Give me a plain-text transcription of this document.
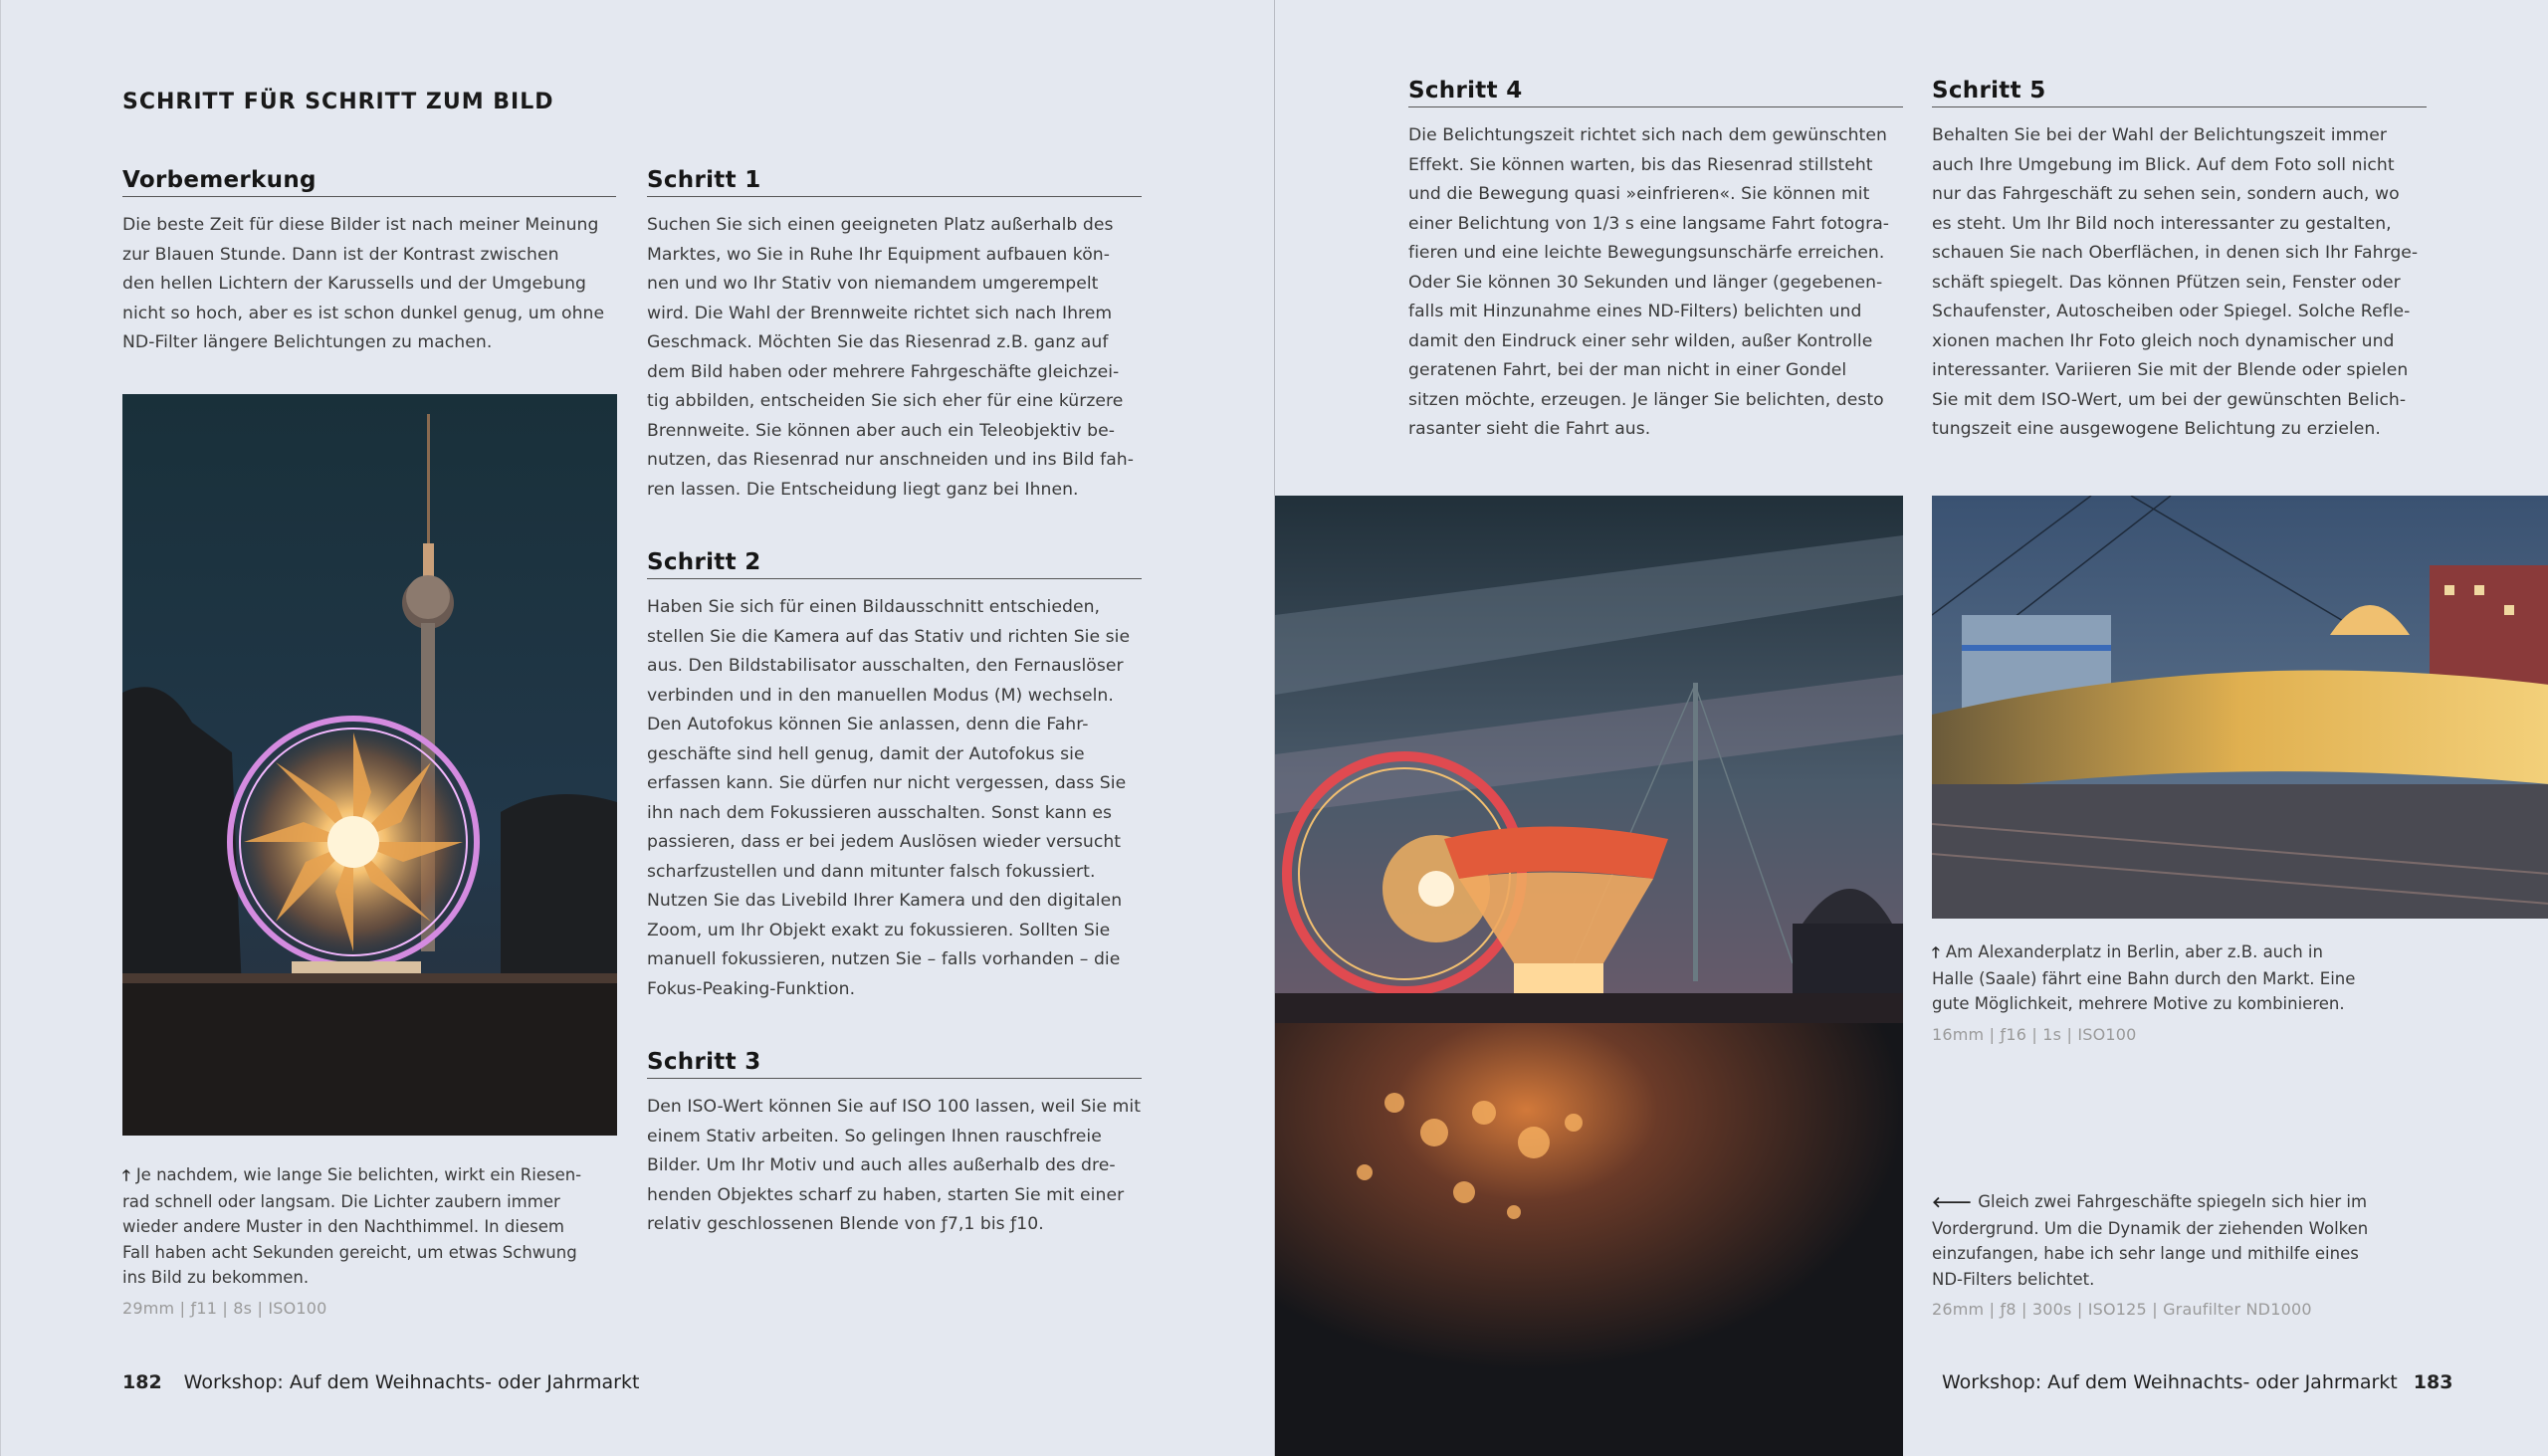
SCHRITT FÜR SCHRITT ZUM BILD
Vorbemerkung
Die beste Zeit für diese Bilder ist nach meiner Meinung
zur Blauen Stunde. Dann ist der Kontrast zwischen
den hellen Lichtern der Karussells und der Umgebung
nicht so hoch, aber es ist schon dunkel genug, um ohne
ND-Filter längere Belichtungen zu machen.
🡑 Je nachdem, wie lange Sie belichten, wirkt ein Riesen-
rad schnell oder langsam. Die Lichter zaubern immer
wieder andere Muster in den Nachthimmel. In diesem
Fall haben acht Sekunden gereicht, um etwas Schwung
ins Bild zu bekommen.
29mm | ƒ11 | 8s | ISO100
Schritt 1
Suchen Sie sich einen geeigneten Platz außerhalb des
Marktes, wo Sie in Ruhe Ihr Equipment aufbauen kön-
nen und wo Ihr Stativ von niemandem umgerempelt
wird. Die Wahl der Brennweite richtet sich nach Ihrem
Geschmack. Möchten Sie das Riesenrad z.B. ganz auf
dem Bild haben oder mehrere Fahrgeschäfte gleichzei-
tig abbilden, entscheiden Sie sich eher für eine kürzere
Brennweite. Sie können aber auch ein Teleobjektiv be-
nutzen, das Riesenrad nur anschneiden und ins Bild fah-
ren lassen. Die Entscheidung liegt ganz bei Ihnen.
Schritt 2
Haben Sie sich für einen Bildausschnitt entschieden,
stellen Sie die Kamera auf das Stativ und richten Sie sie
aus. Den Bildstabilisator ausschalten, den Fernauslöser
verbinden und in den manuellen Modus (M) wechseln.
Den Autofokus können Sie anlassen, denn die Fahr-
geschäfte sind hell genug, damit der Autofokus sie
erfassen kann. Sie dürfen nur nicht vergessen, dass Sie
ihn nach dem Fokussieren ausschalten. Sonst kann es
passieren, dass er bei jedem Auslösen wieder versucht
scharfzustellen und dann mitunter falsch fokussiert.
Nutzen Sie das Livebild Ihrer Kamera und den digitalen
Zoom, um Ihr Objekt exakt zu fokussieren. Sollten Sie
manuell fokussieren, nutzen Sie – falls vorhanden – die
Fokus-Peaking-Funktion.
Schritt 3
Den ISO-Wert können Sie auf ISO 100 lassen, weil Sie mit
einem Stativ arbeiten. So gelingen Ihnen rauschfreie
Bilder. Um Ihr Motiv und auch alles außerhalb des dre-
henden Objektes scharf zu haben, starten Sie mit einer
relativ geschlossenen Blende von ƒ7,1 bis ƒ10.
182 Workshop: Auf dem Weihnachts- oder Jahrmarkt
Schritt 4
Die Belichtungszeit richtet sich nach dem gewünschten
Effekt. Sie können warten, bis das Riesenrad stillsteht
und die Bewegung quasi »einfrieren«. Sie können mit
einer Belichtung von 1/3 s eine langsame Fahrt fotogra-
fieren und eine leichte Bewegungsunschärfe erreichen.
Oder Sie können 30 Sekunden und länger (gegebenen-
falls mit Hinzunahme eines ND-Filters) belichten und
damit den Eindruck einer sehr wilden, außer Kontrolle
geratenen Fahrt, bei der man nicht in einer Gondel
sitzen möchte, erzeugen. Je länger Sie belichten, desto
rasanter sieht die Fahrt aus.
Schritt 5
Behalten Sie bei der Wahl der Belichtungszeit immer
auch Ihre Umgebung im Blick. Auf dem Foto soll nicht
nur das Fahrgeschäft zu sehen sein, sondern auch, wo
es steht. Um Ihr Bild noch interessanter zu gestalten,
schauen Sie nach Oberflächen, in denen sich Ihr Fahrge-
schäft spiegelt. Das können Pfützen sein, Fenster oder
Schaufenster, Autoscheiben oder Spiegel. Solche Refle-
xionen machen Ihr Foto gleich noch dynamischer und
interessanter. Variieren Sie mit der Blende oder spielen
Sie mit dem ISO-Wert, um bei der gewünschten Belich-
tungszeit eine ausgewogene Belichtung zu erzielen.
🡑 Am Alexanderplatz in Berlin, aber z.B. auch in
Halle (Saale) fährt eine Bahn durch den Markt. Eine
gute Möglichkeit, mehrere Motive zu kombinieren.
16mm | ƒ16 | 1s | ISO100
🡐 Gleich zwei Fahrgeschäfte spiegeln sich hier im
Vordergrund. Um die Dynamik der ziehenden Wolken
einzufangen, habe ich sehr lange und mithilfe eines
ND-Filters belichtet.
26mm | ƒ8 | 300s | ISO125 | Graufilter ND1000
Workshop: Auf dem Weihnachts- oder Jahrmarkt 183
